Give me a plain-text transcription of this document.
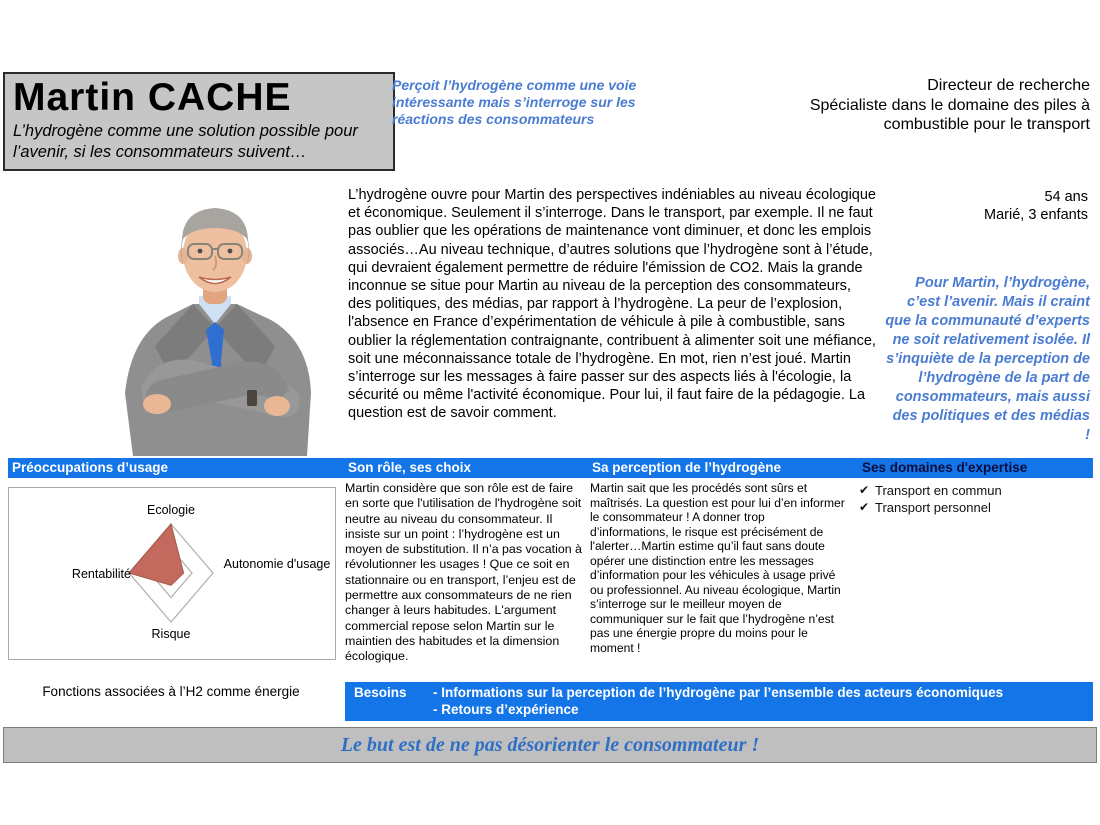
Martin CACHE
L’hydrogène comme une solution possible pour l’avenir, si les consommateurs suivent…
Perçoit l’hydrogène comme une voie intéressante mais s’interroge sur les réactions des consommateurs
Directeur de recherche
Spécialiste dans le domaine des piles à combustible pour le transport
L’hydrogène ouvre pour Martin des perspectives indéniables au niveau écologique et économique. Seulement il s’interroge. Dans le transport, par exemple. Il ne faut pas oublier que les opérations de maintenance vont diminuer, et donc les emplois associés…Au niveau technique, d’autres solutions que l’hydrogène sont à l’étude, qui devraient également permettre de réduire l'émission de CO2. Mais la grande inconnue se situe pour Martin au niveau de la perception des consommateurs, des politiques, des médias, par rapport à l’hydrogène. La peur de l’explosion, l'absence en France d’expérimentation de véhicule à pile à combustible, sans oublier la réglementation contraignante, contribuent à alimenter soit une méfiance, soit une méconnaissance totale de l’hydrogène. En mot, rien n’est joué. Martin s’interroge sur les messages à faire passer sur des aspects liés à l'écologie, la sécurité ou même l'activité économique. Pour lui, il faut faire de la pédagogie. La question est de savoir comment.
54 ans
Marié, 3 enfants
Pour Martin, l’hydrogène, c’est l’avenir. Mais il craint que la communauté d’experts ne soit relativement isolée. Il s’inquiète de la perception de l’hydrogène de la part de consommateurs, mais aussi des politiques et des médias !
Préoccupations d’usage	Son rôle, ses choix	Sa perception de l’hydrogène	Ses domaines d'expertise
Ecologie
Autonomie d'usage
Risque
Rentabilité
Fonctions associées à l’H2 comme énergie
Martin considère que son rôle est de faire en sorte que l'utilisation de l'hydrogène soit neutre au niveau du consommateur. Il insiste sur un point : l’hydrogène est un moyen de substitution. Il n’a pas vocation à révolutionner les usages ! Que ce soit en stationnaire ou en transport, l’enjeu est de permettre aux consommateurs de ne rien changer à leurs habitudes. L'argument commercial repose selon Martin sur le maintien des habitudes et la dimension écologique.
Martin sait que les procédés sont sûrs et maîtrisés. La question est pour lui d’en informer le consommateur ! A donner trop d’informations, le risque est précisément de l'alerter…Martin estime qu’il faut sans doute opérer une distinction entre les messages d’information pour les véhicules à usage privé ou professionnel. Au niveau écologique, Martin s’interroge sur le meilleur moyen de communiquer sur le fait que l’hydrogène n’est pas une énergie propre du moins pour le moment !
✔ Transport en commun
✔ Transport personnel
Besoins - Informations sur la perception de l’hydrogène par l’ensemble des acteurs économiques
- Retours d’expérience
Le but est de ne pas désorienter le consommateur !
